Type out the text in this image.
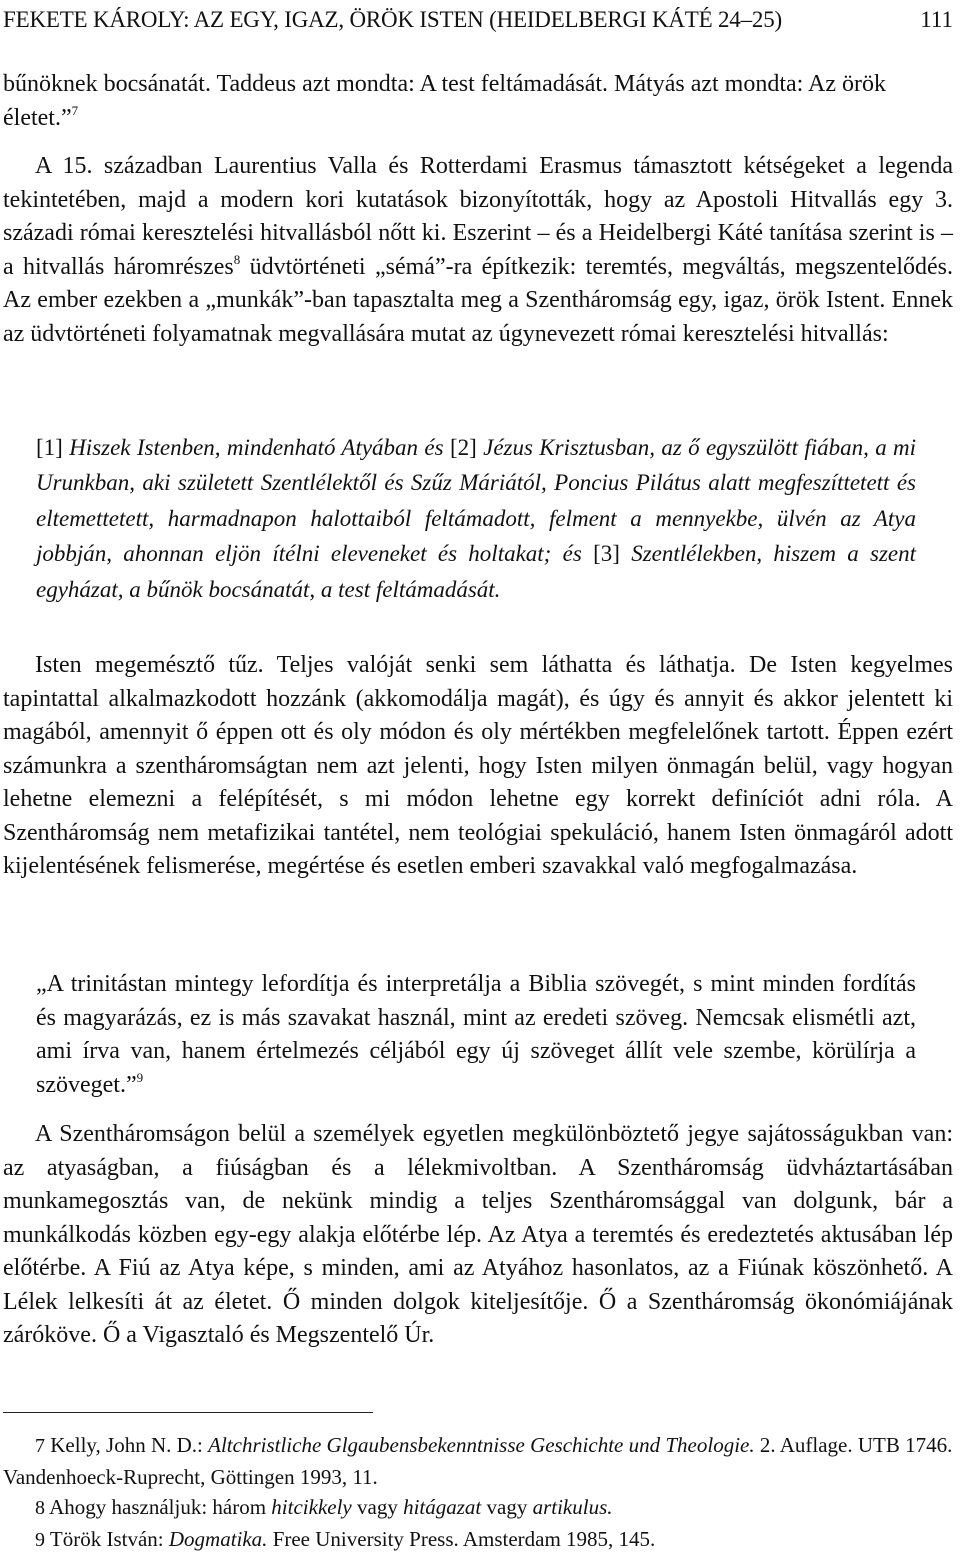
FEKETE KÁROLY: AZ EGY, IGAZ, ÖRÖK ISTEN (HEIDELBERGI KÁTÉ 24–25)	111

bűnöknek bocsánatát. Taddeus azt mondta: A test feltámadását. Mátyás azt mondta: Az örök életet.”$^7$

A 15. században Laurentius Valla és Rotterdami Erasmus támasztott kétségeket a legenda tekintetében, majd a modern kori kutatások bizonyították, hogy az Apostoli Hitvallás egy 3. századi római keresztelési hitvallásból nőtt ki. Eszerint – és a Heidelbergi Káté tanítása szerint is – a hitvallás háromrészes$^8$ üdvtörténeti „sémá”-ra építkezik: teremtés, megváltás, megszentelődés. Az ember ezekben a „munkák”-ban tapasztalta meg a Szentháromság egy, igaz, örök Istent. Ennek az üdvtörténeti folyamatnak megvallására mutat az úgynevezett római keresztelési hitvallás:

[1] Hiszek Istenben, mindenható Atyában és [2] Jézus Krisztusban, az ő egyszülött fiában, a mi Urunkban, aki született Szentlélektől és Szűz Máriától, Poncius Pilátus alatt megfeszíttetett és eltemettetett, harmadnapon halottaiból feltámadott, felment a mennyekbe, ülvén az Atya jobbján, ahonnan eljön ítélni eleveneket és holtakat; és [3] Szentlélekben, hiszem a szent egyházat, a bűnök bocsánatát, a test feltámadását.

Isten megemésztő tűz. Teljes valóját senki sem láthatta és láthatja. De Isten kegyelmes tapintattal alkalmazkodott hozzánk (akkomodálja magát), és úgy és annyit és akkor jelentett ki magából, amennyit ő éppen ott és oly módon és oly mértékben megfelelőnek tartott. Éppen ezért számunkra a szentháromságtan nem azt jelenti, hogy Isten milyen önmagán belül, vagy hogyan lehetne elemezni a felépítését, s mi módon lehetne egy korrekt definíciót adni róla. A Szentháromság nem metafizikai tantétel, nem teológiai spekuláció, hanem Isten önmagáról adott kijelentésének felismerése, megértése és esetlen emberi szavakkal való megfogalmazása.

„A trinitástan mintegy lefordítja és interpretálja a Biblia szövegét, s mint minden fordítás és magyarázás, ez is más szavakat használ, mint az eredeti szöveg. Nemcsak elismétli azt, ami írva van, hanem értelmezés céljából egy új szöveget állít vele szembe, körülírja a szöveget.”$^9$

A Szentháromságon belül a személyek egyetlen megkülönböztető jegye sajátosságukban van: az atyaságban, a fiúságban és a lélekmivoltban. A Szentháromság üdvháztartásában munkamegosztás van, de nekünk mindig a teljes Szentháromsággal van dolgunk, bár a munkálkodás közben egy-egy alakja előtérbe lép. Az Atya a teremtés és eredeztetés aktusában lép előtérbe. A Fiú az Atya képe, s minden, ami az Atyához hasonlatos, az a Fiúnak köszönhető. A Lélek lelkesíti át az életet. Ő minden dolgok kiteljesítője. Ő a Szentháromság ökonómiájának záróköve. Ő a Vigasztaló és Megszentelő Úr.

7 Kelly, John N. D.: Altchristliche Glgaubensbekenntnisse Geschichte und Theologie. 2. Auflage. UTB 1746. Vandenhoeck-Ruprecht, Göttingen 1993, 11.

8 Ahogy használjuk: három hitcikkely vagy hitágazat vagy artikulus.

9 Török István: Dogmatika. Free University Press. Amsterdam 1985, 145.
